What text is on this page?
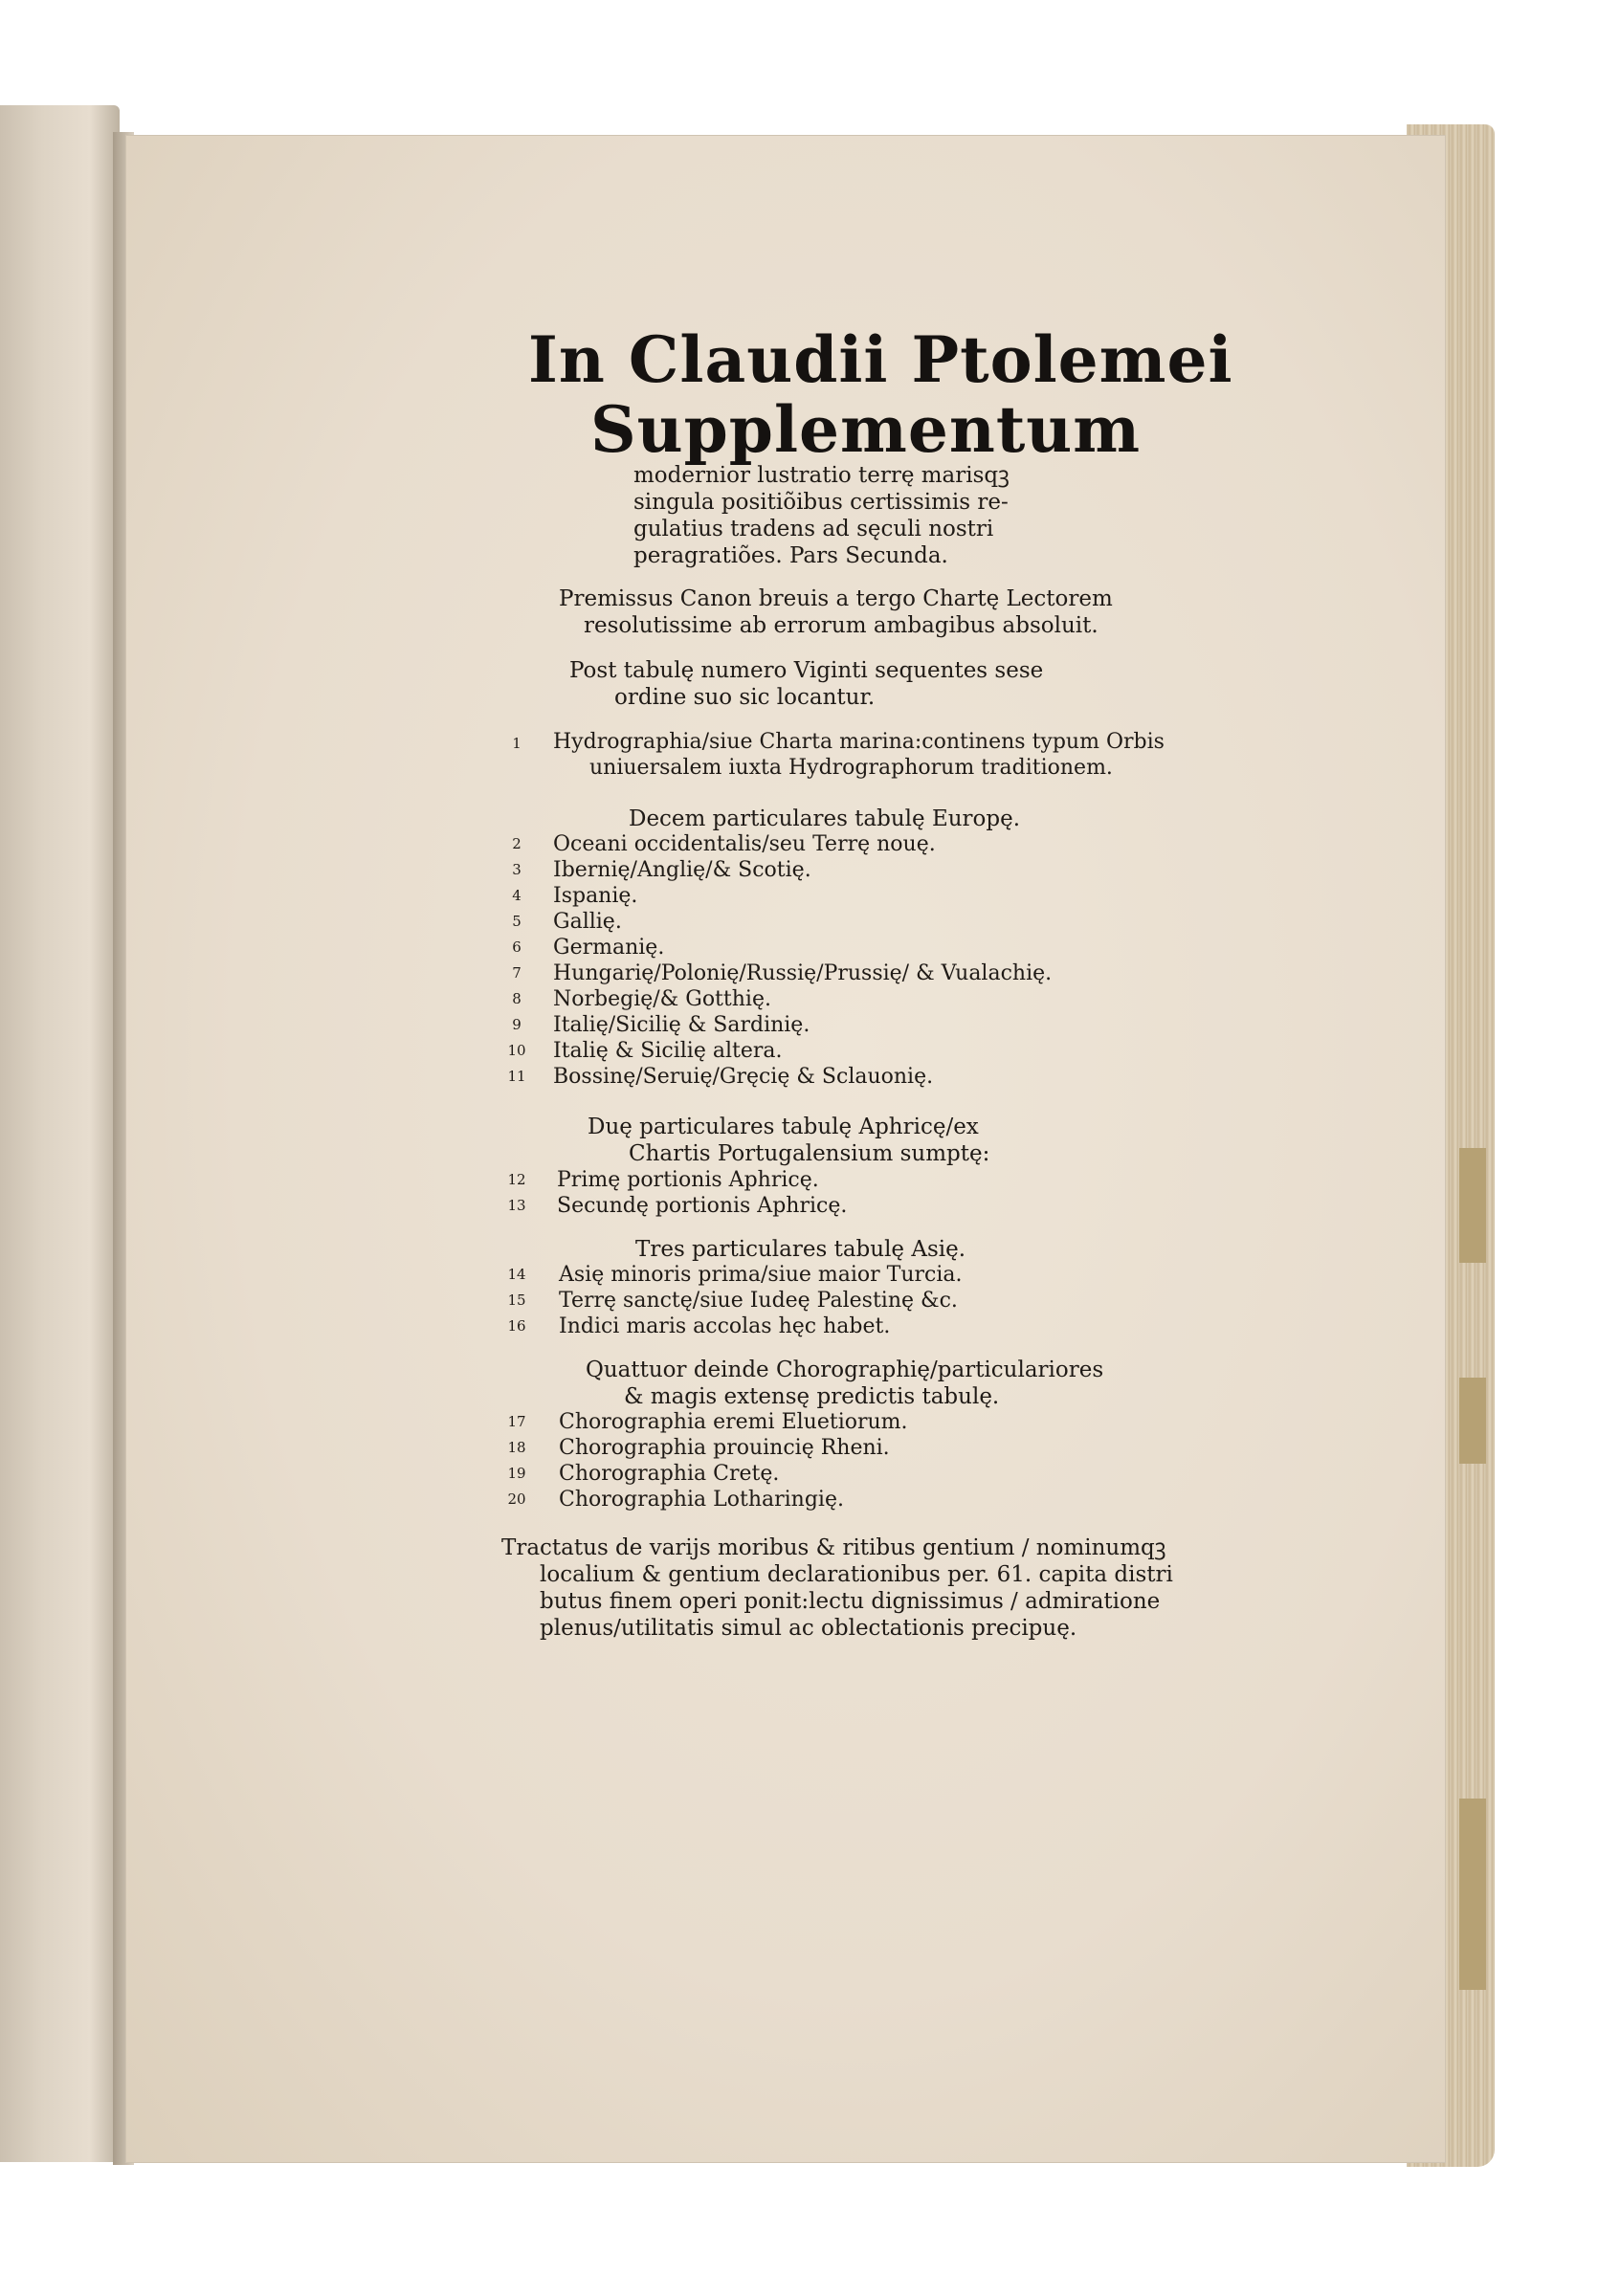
In Claudii Ptolemei
Supplementum
modernior lustratio terrę marisqꝫ
singula positiõibus certissimis re-
gulatius tradens ad sęculi nostri
peragratiões. Pars Secunda.
Premissus Canon breuis a tergo Chartę Lectorem
resolutissime ab errorum ambagibus absoluit.
Post tabulę numero Viginti sequentes sese
ordine suo sic locantur.
1	Hydrographia/siue Charta marina:continens typum Orbis
uniuersalem iuxta Hydrographorum traditionem.
Decem particulares tabulę Europę.
2	Oceani occidentalis/seu Terrę nouę.
3	Ibernię/Anglię/& Scotię.
4	Ispanię.
5	Gallię.
6	Germanię.
7	Hungarię/Polonię/Russię/Prussię/ & Vualachię.
8	Norbegię/& Gotthię.
9	Italię/Sicilię & Sardinię.
10	Italię & Sicilię altera.
11	Bossinę/Seruię/Gręcię & Sclauonię.
Duę particulares tabulę Aphricę/ex
Chartis Portugalensium sumptę:
12	Primę portionis Aphricę.
13	Secundę portionis Aphricę.
Tres particulares tabulę Asię.
14	Asię minoris prima/siue maior Turcia.
15	Terrę sanctę/siue Iudeę Palestinę &c.
16	Indici maris accolas hęc habet.
Quattuor deinde Chorographię/particulariores
& magis extensę predictis tabulę.
17	Chorographia eremi Eluetiorum.
18	Chorographia prouincię Rheni.
19	Chorographia Cretę.
20	Chorographia Lotharingię.
Tractatus de varijs moribus & ritibus gentium / nominumqꝫ
localium & gentium declarationibus per. 61. capita distri
butus finem operi ponit:lectu dignissimus / admiratione
plenus/utilitatis simul ac oblectationis precipuę.
